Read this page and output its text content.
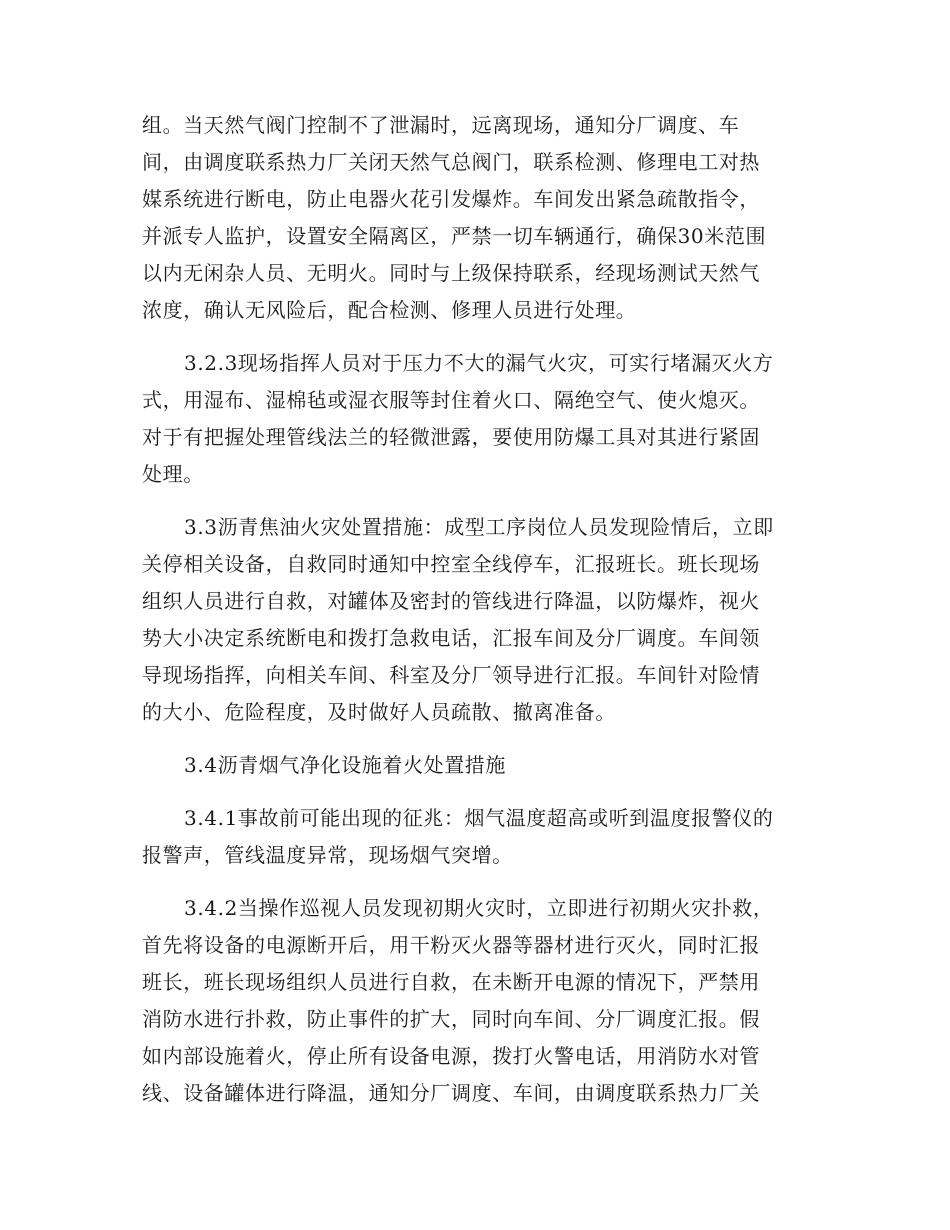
组。当天然气阀门控制不了泄漏时，远离现场，通知分厂调度、车
间，由调度联系热力厂关闭天然气总阀门，联系检测、修理电工对热
媒系统进行断电，防止电器火花引发爆炸。车间发出紧急疏散指令，
并派专人监护，设置安全隔离区，严禁一切车辆通行，确保30米范围
以内无闲杂人员、无明火。同时与上级保持联系，经现场测试天然气
浓度，确认无风险后，配合检测、修理人员进行处理。
3.2.3现场指挥人员对于压力不大的漏气火灾，可实行堵漏灭火方
式，用湿布、湿棉毡或湿衣服等封住着火口、隔绝空气、使火熄灭。
对于有把握处理管线法兰的轻微泄露，要使用防爆工具对其进行紧固
处理。
3.3沥青焦油火灾处置措施：成型工序岗位人员发现险情后，立即
关停相关设备，自救同时通知中控室全线停车，汇报班长。班长现场
组织人员进行自救，对罐体及密封的管线进行降温，以防爆炸，视火
势大小决定系统断电和拨打急救电话，汇报车间及分厂调度。车间领
导现场指挥，向相关车间、科室及分厂领导进行汇报。车间针对险情
的大小、危险程度，及时做好人员疏散、撤离准备。
3.4沥青烟气净化设施着火处置措施
3.4.1事故前可能出现的征兆：烟气温度超高或听到温度报警仪的
报警声，管线温度异常，现场烟气突增。
3.4.2当操作巡视人员发现初期火灾时，立即进行初期火灾扑救，
首先将设备的电源断开后，用干粉灭火器等器材进行灭火，同时汇报
班长，班长现场组织人员进行自救，在未断开电源的情况下，严禁用
消防水进行扑救，防止事件的扩大，同时向车间、分厂调度汇报。假
如内部设施着火，停止所有设备电源，拨打火警电话，用消防水对管
线、设备罐体进行降温，通知分厂调度、车间，由调度联系热力厂关
